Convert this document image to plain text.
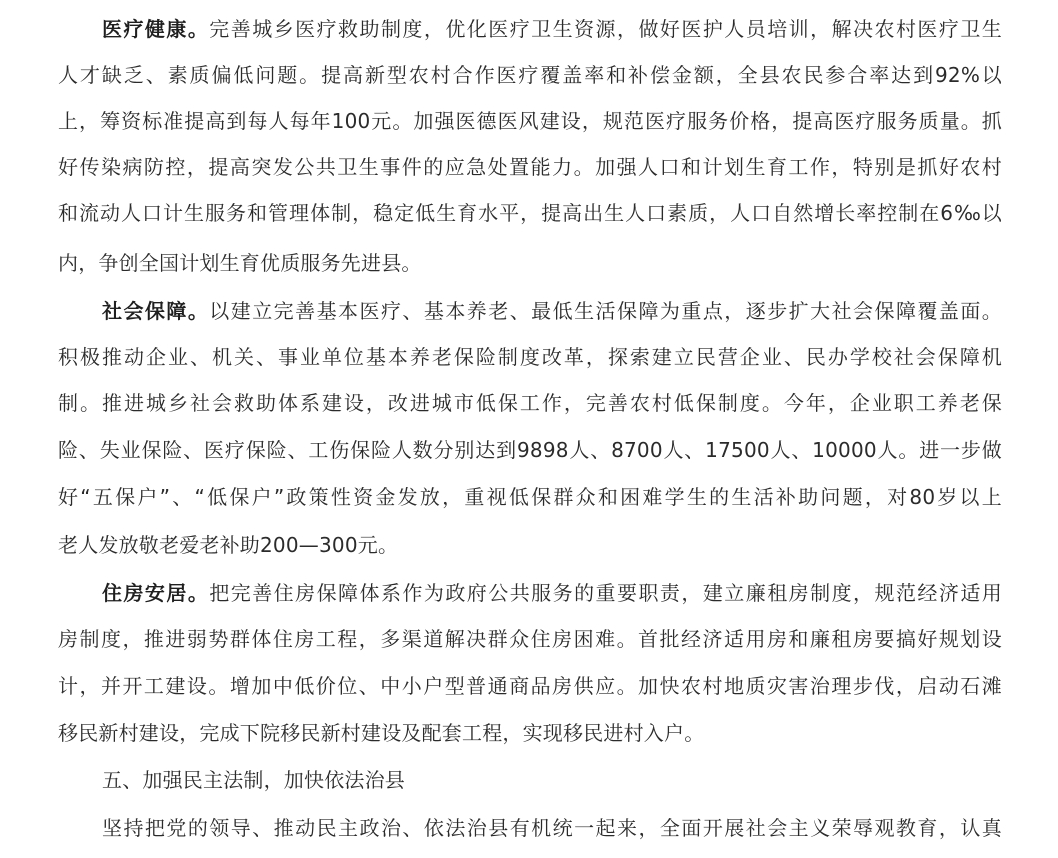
医疗健康。完善城乡医疗救助制度，优化医疗卫生资源，做好医护人员培训，解决农村医疗卫生
人才缺乏、素质偏低问题。提高新型农村合作医疗覆盖率和补偿金额，全县农民参合率达到92%以
上，筹资标准提高到每人每年100元。加强医德医风建设，规范医疗服务价格，提高医疗服务质量。抓
好传染病防控，提高突发公共卫生事件的应急处置能力。加强人口和计划生育工作，特别是抓好农村
和流动人口计生服务和管理体制，稳定低生育水平，提高出生人口素质，人口自然增长率控制在6‰以
内，争创全国计划生育优质服务先进县。
社会保障。以建立完善基本医疗、基本养老、最低生活保障为重点，逐步扩大社会保障覆盖面。
积极推动企业、机关、事业单位基本养老保险制度改革，探索建立民营企业、民办学校社会保障机
制。推进城乡社会救助体系建设，改进城市低保工作，完善农村低保制度。今年，企业职工养老保
险、失业保险、医疗保险、工伤保险人数分别达到9898人、8700人、17500人、10000人。进一步做
好“五保户”、“低保户”政策性资金发放，重视低保群众和困难学生的生活补助问题，对80岁以上
老人发放敬老爱老补助200—300元。
住房安居。把完善住房保障体系作为政府公共服务的重要职责，建立廉租房制度，规范经济适用
房制度，推进弱势群体住房工程，多渠道解决群众住房困难。首批经济适用房和廉租房要搞好规划设
计，并开工建设。增加中低价位、中小户型普通商品房供应。加快农村地质灾害治理步伐，启动石滩
移民新村建设，完成下院移民新村建设及配套工程，实现移民进村入户。
五、加强民主法制，加快依法治县
坚持把党的领导、推动民主政治、依法治县有机统一起来，全面开展社会主义荣辱观教育，认真
